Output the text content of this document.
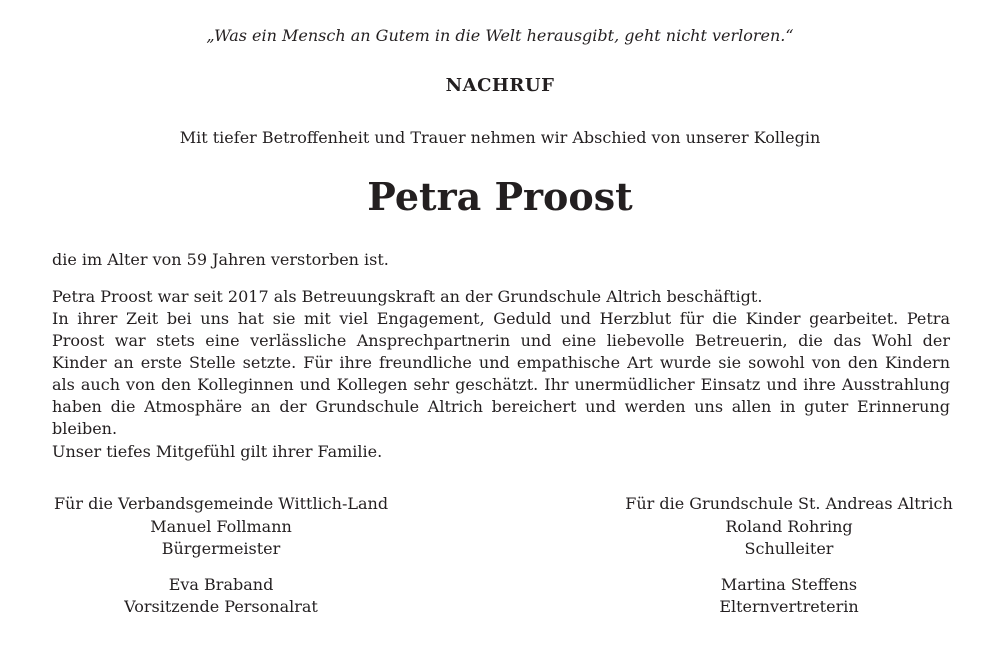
„Was ein Mensch an Gutem in die Welt herausgibt, geht nicht verloren.“
NACHRUF
Mit tiefer Betroffenheit und Trauer nehmen wir Abschied von unserer Kollegin
Petra Proost
die im Alter von 59 Jahren verstorben ist.
Petra Proost war seit 2017 als Betreuungskraft an der Grundschule Altrich beschäftigt.
In ihrer Zeit bei uns hat sie mit viel Engagement, Geduld und Herzblut für die Kinder gearbeitet. Petra
Proost war stets eine verlässliche Ansprechpartnerin und eine liebevolle Betreuerin, die das Wohl der
Kinder an erste Stelle setzte. Für ihre freundliche und empathische Art wurde sie sowohl von den Kindern
als auch von den Kolleginnen und Kollegen sehr geschätzt. Ihr unermüdlicher Einsatz und ihre Ausstrahlung
haben die Atmosphäre an der Grundschule Altrich bereichert und werden uns allen in guter Erinnerung bleiben.
Unser tiefes Mitgefühl gilt ihrer Familie.
Für die Verbandsgemeinde Wittlich-Land
Manuel Follmann
Bürgermeister
Eva Braband
Vorsitzende Personalrat
Für die Grundschule St. Andreas Altrich
Roland Rohring
Schulleiter
Martina Steffens
Elternvertreterin
